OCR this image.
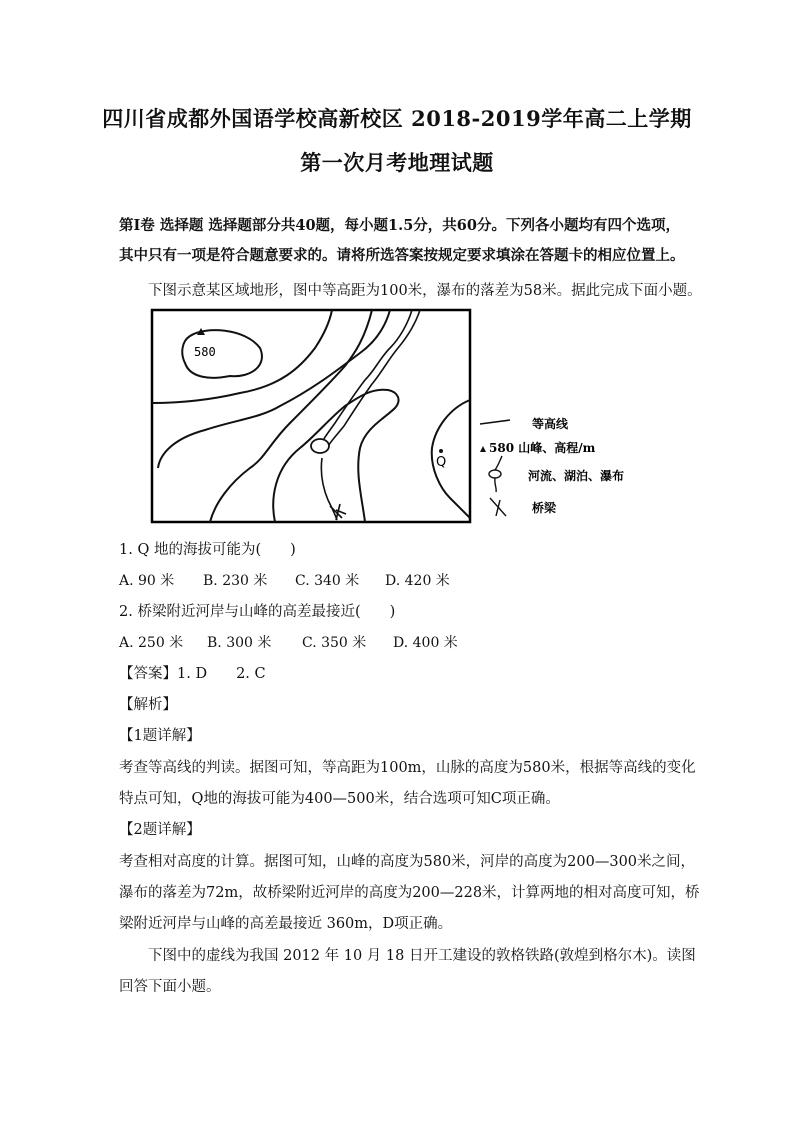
四川省成都外国语学校高新校区 2018-2019学年高二上学期
第一次月考地理试题
第Ⅰ卷 选择题 选择题部分共40题，每小题1.5分，共60分。下列各小题均有四个选项，
其中只有一项是符合题意要求的。请将所选答案按规定要求填涂在答题卡的相应位置上。
下图示意某区域地形，图中等高距为100米，瀑布的落差为58米。据此完成下面小题。
580
Q
等高线
580 山峰、高程/m
河流、湖泊、瀑布
桥梁
1. Q 地的海拔可能为(　　)
A. 90 米 B. 230 米 C. 340 米 D. 420 米
2. 桥梁附近河岸与山峰的高差最接近(　　)
A. 250 米 B. 300 米 C. 350 米 D. 400 米
【答案】1. D　　2. C
【解析】
【1题详解】
考查等高线的判读。据图可知，等高距为100m，山脉的高度为580米，根据等高线的变化
特点可知，Q地的海拔可能为400—500米，结合选项可知C项正确。
【2题详解】
考查相对高度的计算。据图可知，山峰的高度为580米，河岸的高度为200—300米之间，
瀑布的落差为72m，故桥梁附近河岸的高度为200—228米，计算两地的相对高度可知，桥
梁附近河岸与山峰的高差最接近 360m，D项正确。
下图中的虚线为我国 2012 年 10 月 18 日开工建设的敦格铁路(敦煌到格尔木)。读图
回答下面小题。
